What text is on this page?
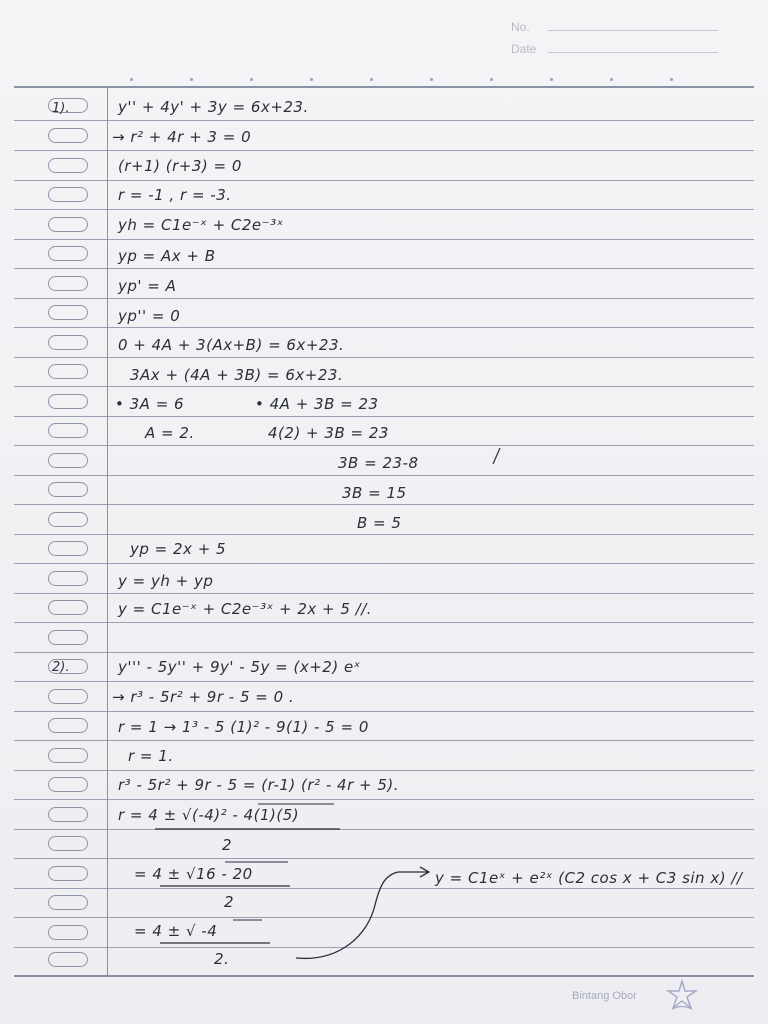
No.
Date
1).	y'' + 4y' + 3y = 6x+23.
→ r² + 4r + 3 = 0
(r+1) (r+3) = 0
r = -1 , r = -3.
yh = C1e⁻ˣ + C2e⁻³ˣ
yp = Ax + B
yp' = A
yp'' = 0
0 + 4A + 3(Ax+B) = 6x+23.
3Ax + (4A + 3B) = 6x+23.
• 3A = 6
A = 2.
• 4A + 3B = 23
4(2) + 3B = 23
3B = 23-8
3B = 15
B = 5
yp = 2x + 5
y = yh + yp
y = C1e⁻ˣ + C2e⁻³ˣ + 2x + 5 //.
2).	y''' - 5y'' + 9y' - 5y = (x+2) eˣ
→ r³ - 5r² + 9r - 5 = 0 .
r = 1 → 1³ - 5 (1)² - 9(1) - 5 = 0
r = 1.
r³ - 5r² + 9r - 5 = (r-1) (r² - 4r + 5).
r = 4 ± √(-4)² - 4(1)(5)
2
= 4 ± √16 - 20
2
= 4 ± √ -4
2.
y = C1eˣ + e²ˣ (C2 cos x + C3 sin x) //
Bintang Obor
